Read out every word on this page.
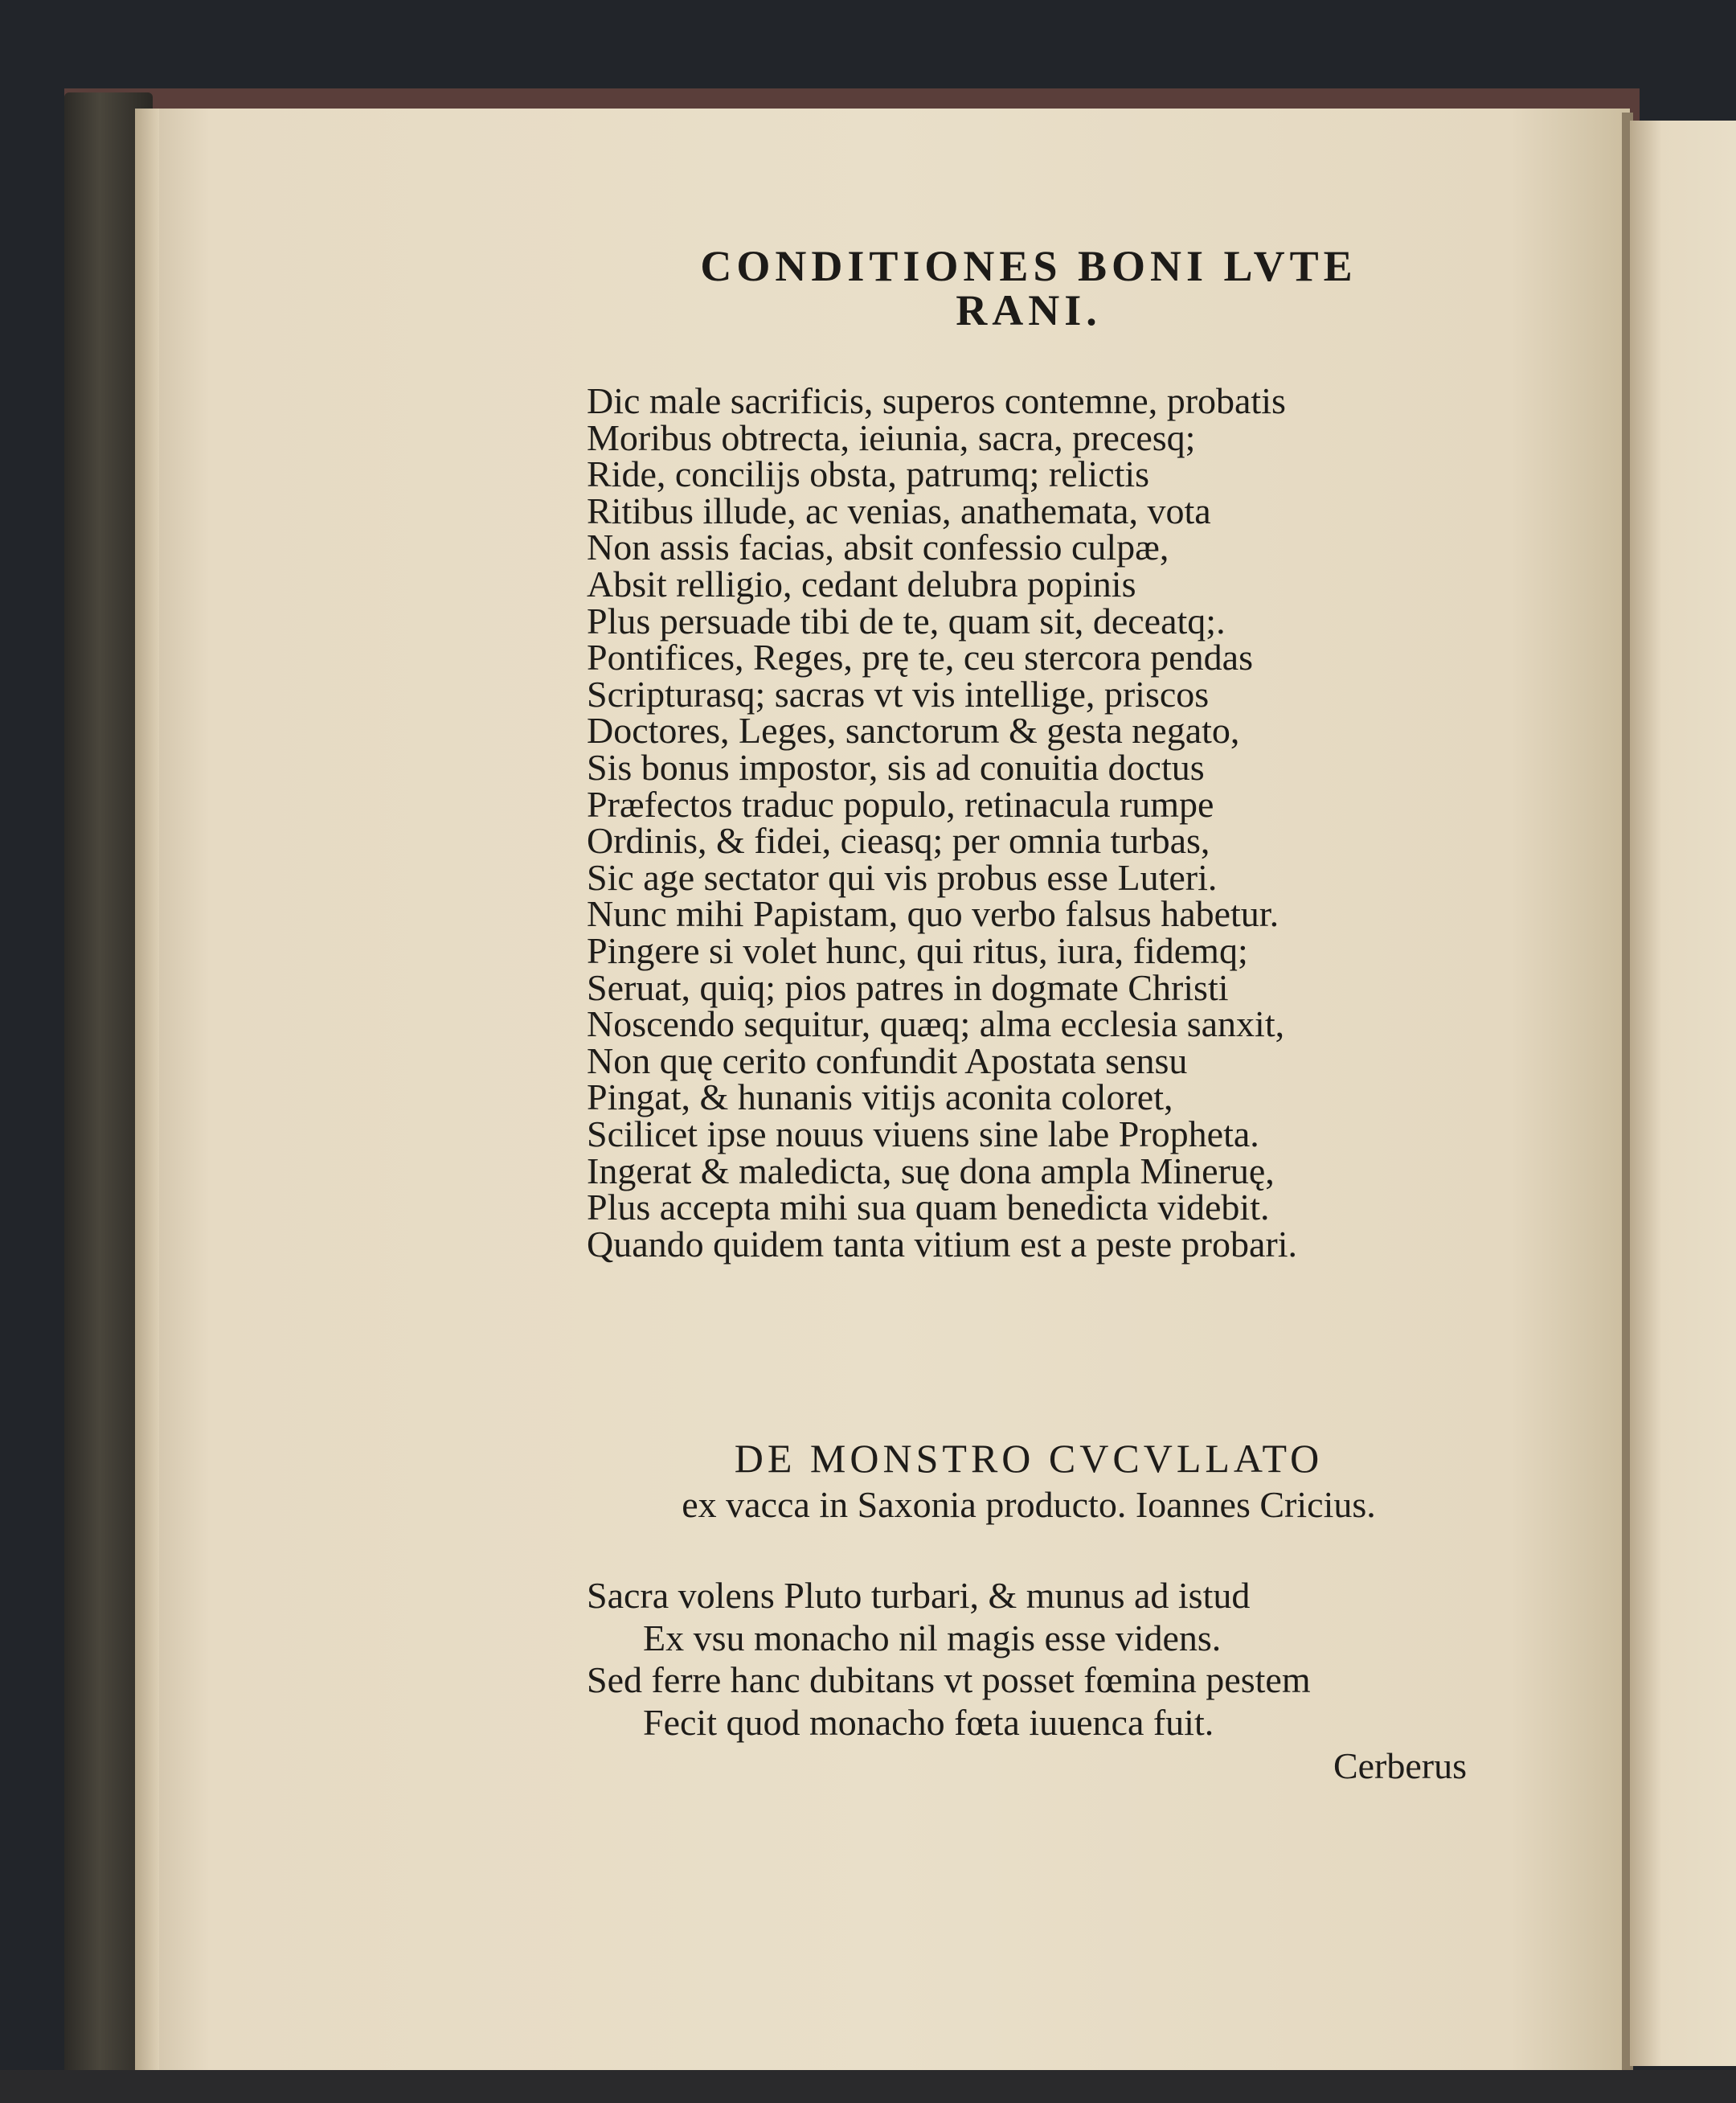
CONDITIONES BONI LVTE
RANI.
Dic male sacrificis, superos contemne, probatis
Moribus obtrecta, ieiunia, sacra, precesq;
Ride, concilijs obsta, patrumq; relictis
Ritibus illude, ac venias, anathemata, vota
Non assis facias, absit confessio culpæ,
Absit relligio, cedant delubra popinis
Plus persuade tibi de te, quam sit, deceatq;.
Pontifices, Reges, prę te, ceu stercora pendas
Scripturasq; sacras vt vis intellige, priscos
Doctores, Leges, sanctorum & gesta negato,
Sis bonus impostor, sis ad conuitia doctus
Præfectos traduc populo, retinacula rumpe
Ordinis, & fidei, cieasq; per omnia turbas,
Sic age sectator qui vis probus esse Luteri.
Nunc mihi Papistam, quo verbo falsus habetur.
Pingere si volet hunc, qui ritus, iura, fidemq;
Seruat, quiq; pios patres in dogmate Christi
Noscendo sequitur, quæq; alma ecclesia sanxit,
Non quę cerito confundit Apostata sensu
Pingat, & hunanis vitijs aconita coloret,
Scilicet ipse nouus viuens sine labe Propheta.
Ingerat & maledicta, suę dona ampla Mineruę,
Plus accepta mihi sua quam benedicta videbit.
Quando quidem tanta vitium est a peste probari.
DE MONSTRO CVCVLLATO
ex vacca in Saxonia producto. Ioannes Cricius.
Sacra volens Pluto turbari, & munus ad istud
Ex vsu monacho nil magis esse videns.
Sed ferre hanc dubitans vt posset fœmina pestem
Fecit quod monacho fœta iuuenca fuit.
Cerberus
